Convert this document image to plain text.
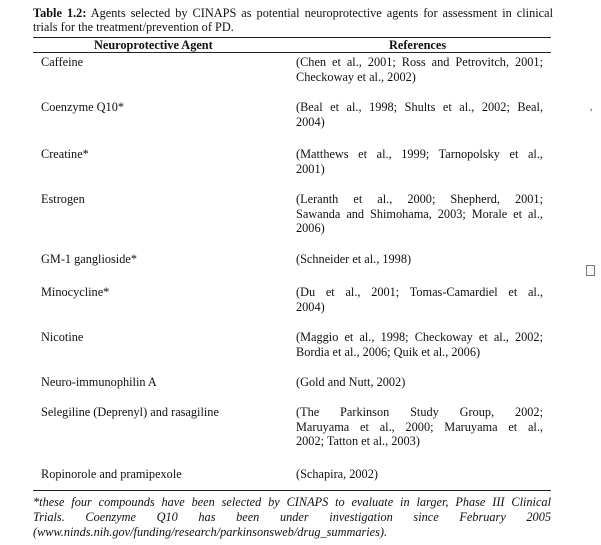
Table 1.2: Agents selected by CINAPS as potential neuroprotective agents for assessment in clinical trials for the treatment/prevention of PD.
Neuroprotective Agent	References
Caffeine	(Chen et al., 2001; Ross and Petrovitch, 2001;
Checkoway et al., 2002)
Coenzyme Q10*	(Beal et al., 1998; Shults et al., 2002; Beal,
2004)
Creatine*	(Matthews et al., 1999; Tarnopolsky et al.,
2001)
Estrogen	(Leranth et al., 2000; Shepherd, 2001;
Sawanda and Shimohama, 2003; Morale et al.,
2006)
GM-1 ganglioside*	(Schneider et al., 1998)
Minocycline*	(Du et al., 2001; Tomas-Camardiel et al.,
2004)
Nicotine	(Maggio et al., 1998; Checkoway et al., 2002;
Bordia et al., 2006; Quik et al., 2006)
Neuro-immunophilin A	(Gold and Nutt, 2002)
Selegiline (Deprenyl) and rasagiline	(The Parkinson Study Group, 2002;
Maruyama et al., 2000; Maruyama et al.,
2002; Tatton et al., 2003)
Ropinorole and pramipexole	(Schapira, 2002)
*these four compounds have been selected by CINAPS to evaluate in larger, Phase III Clinical
Trials. Coenzyme Q10 has been under investigation since February 2005
(www.ninds.nih.gov/funding/research/parkinsonsweb/drug_summaries).
,
